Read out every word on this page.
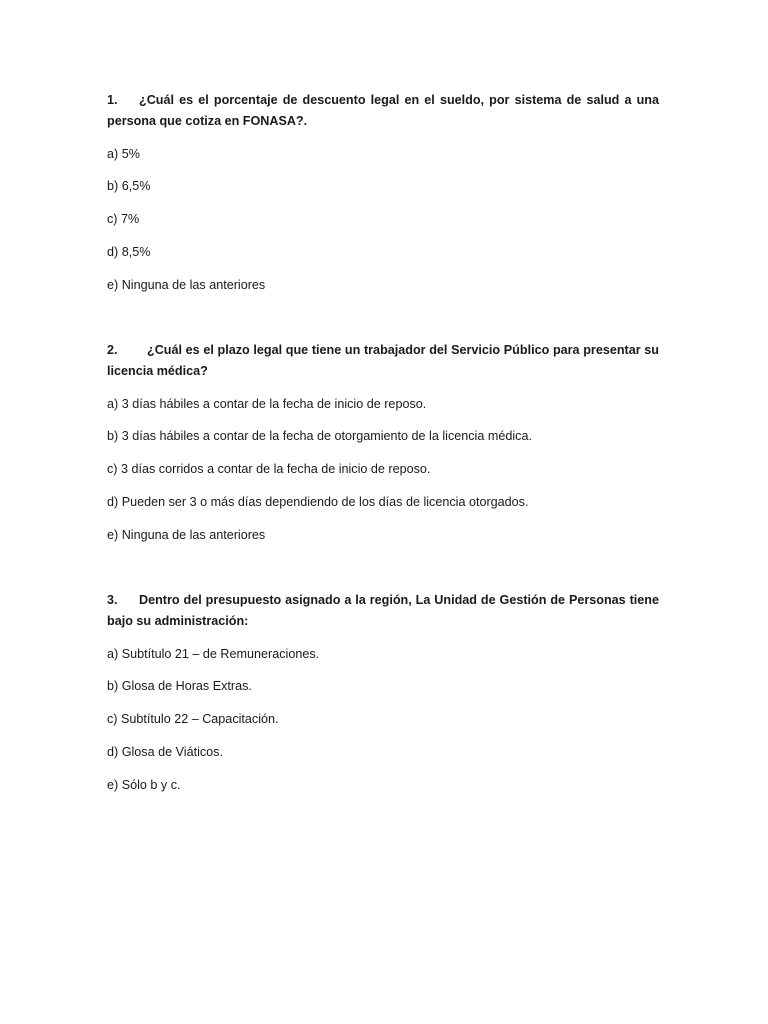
1. ¿Cuál es el porcentaje de descuento legal en el sueldo, por sistema de salud a una persona que cotiza en FONASA?.

a) 5%
b) 6,5%
c) 7%
d) 8,5%
e) Ninguna de las anteriores

2. ¿Cuál es el plazo legal que tiene un trabajador del Servicio Público para presentar su licencia médica?

a) 3 días hábiles a contar de la fecha de inicio de reposo.
b) 3 días hábiles a contar de la fecha de otorgamiento de la licencia médica.
c) 3 días corridos a contar de la fecha de inicio de reposo.
d) Pueden ser 3 o más días dependiendo de los días de licencia otorgados.
e) Ninguna de las anteriores

3. Dentro del presupuesto asignado a la región, La Unidad de Gestión de Personas tiene bajo su administración:

a) Subtítulo 21 – de Remuneraciones.
b) Glosa de Horas Extras.
c) Subtítulo 22 – Capacitación.
d) Glosa de Viáticos.
e) Sólo b y c.
